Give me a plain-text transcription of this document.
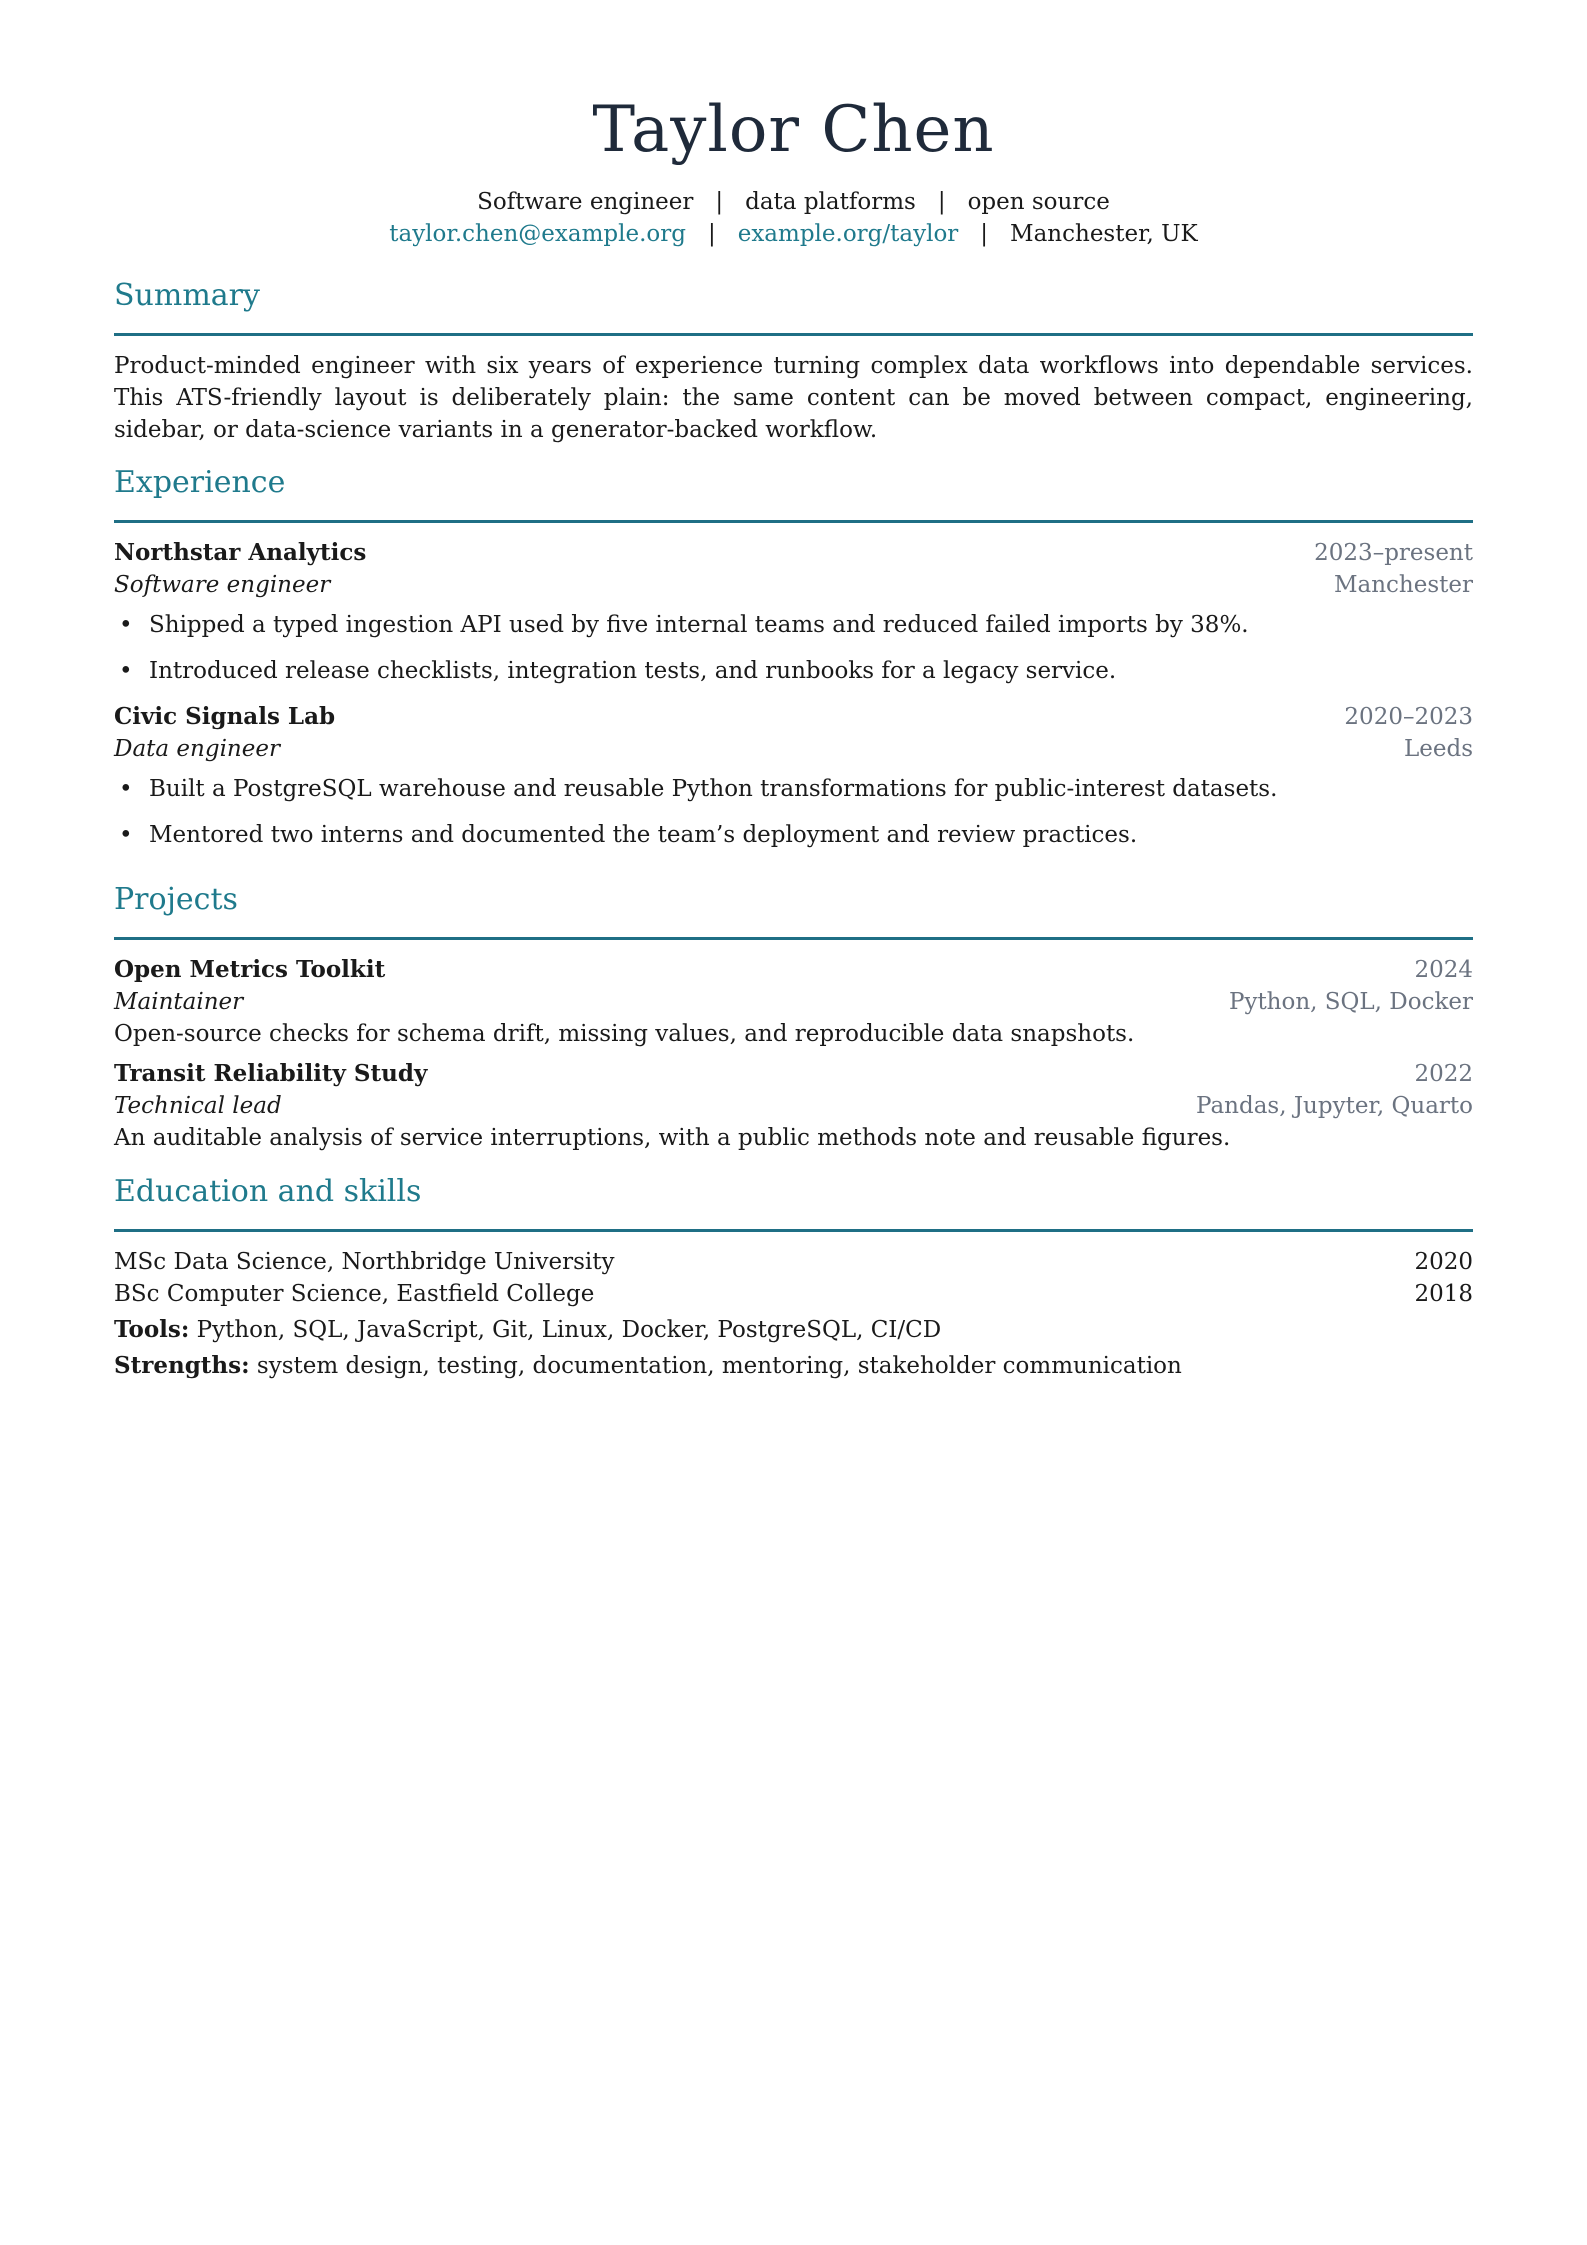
Taylor Chen
Software engineer | data platforms | open source
taylor.chen@example.org | example.org/taylor | Manchester, UK
Summary

Product-minded engineer with six years of experience turning complex data workflows into dependable services. This ATS-friendly layout is deliberately plain: the same content can be moved between compact, engineering, sidebar, or data-science variants in a generator-backed workflow.

Experience
Northstar Analytics	2023–present
Software engineer	Manchester
• Shipped a typed ingestion API used by five internal teams and reduced failed imports by 38%.
• Introduced release checklists, integration tests, and runbooks for a legacy service.
Civic Signals Lab	2020–2023
Data engineer	Leeds
• Built a PostgreSQL warehouse and reusable Python transformations for public-interest datasets.
• Mentored two interns and documented the team’s deployment and review practices.
Projects
Open Metrics Toolkit	2024
Maintainer	Python, SQL, Docker

Open-source checks for schema drift, missing values, and reproducible data snapshots.

Transit Reliability Study	2022
Technical lead	Pandas, Jupyter, Quarto

An auditable analysis of service interruptions, with a public methods note and reusable figures.

Education and skills
MSc Data Science, Northbridge University	2020
BSc Computer Science, Eastfield College	2018
Tools: Python, SQL, JavaScript, Git, Linux, Docker, PostgreSQL, CI/CD
Strengths: system design, testing, documentation, mentoring, stakeholder communication
